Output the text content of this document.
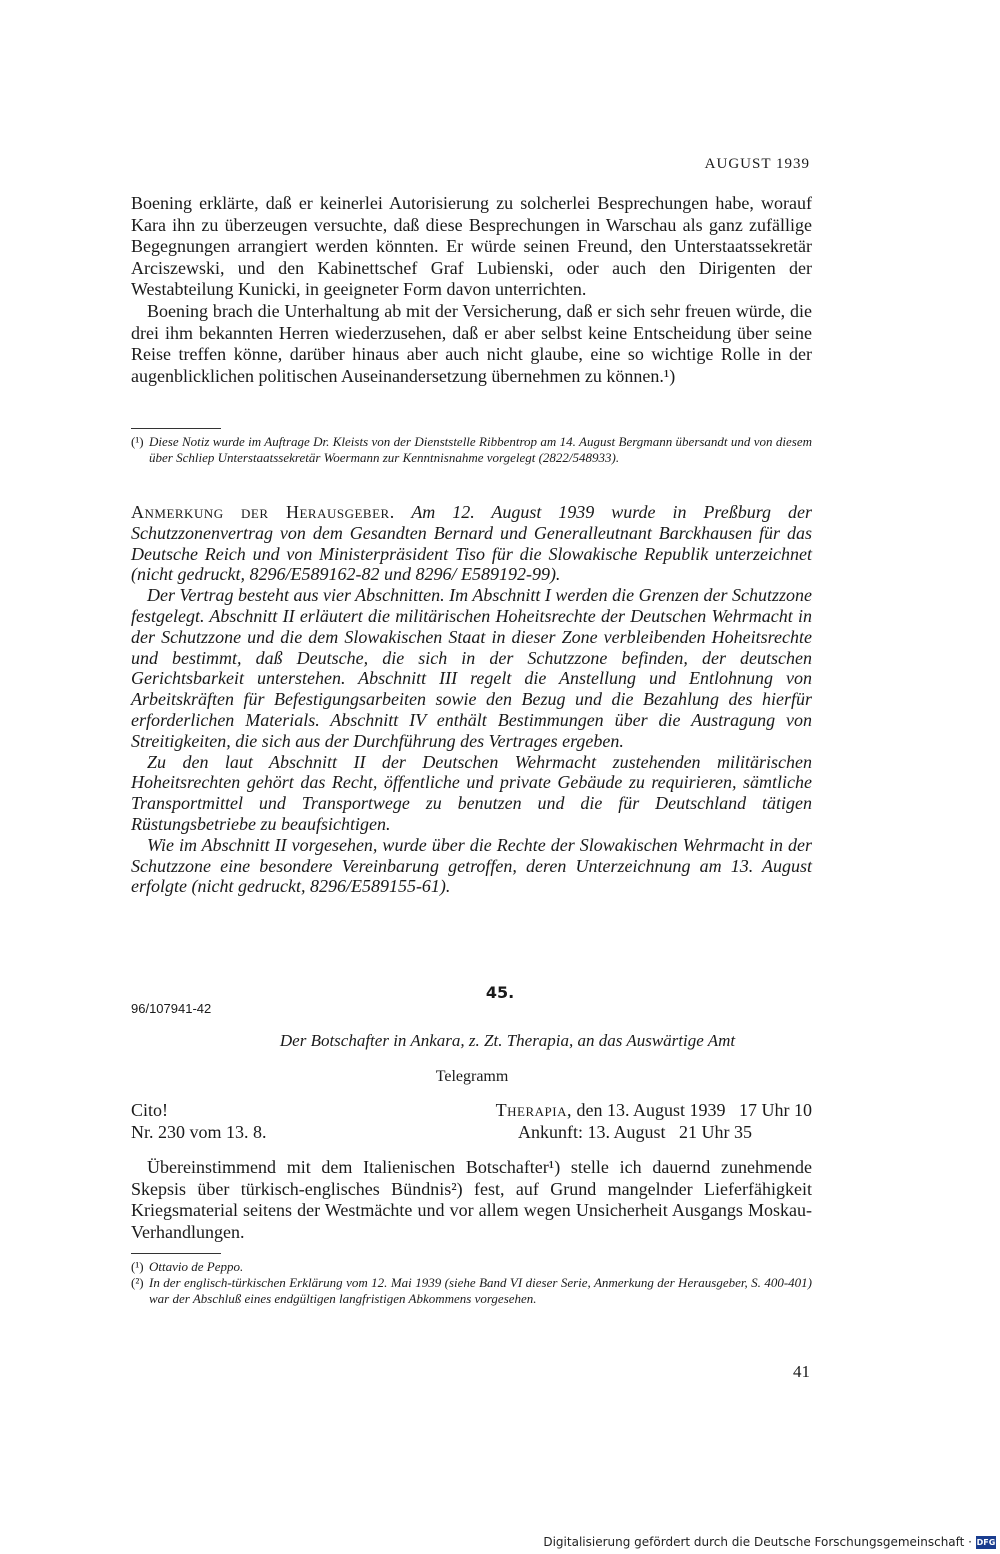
AUGUST 1939

Boening erklärte, daß er keinerlei Autorisierung zu solcherlei Besprechungen habe, worauf Kara ihn zu überzeugen versuchte, daß diese Besprechungen in Warschau als ganz zufällige Begegnungen arrangiert werden könnten. Er würde seinen Freund, den Unterstaatssekretär Arciszewski, und den Kabinettschef Graf Lubienski, oder auch den Dirigenten der Westabteilung Kunicki, in geeigneter Form davon unterrichten.

Boening brach die Unterhaltung ab mit der Versicherung, daß er sich sehr freuen würde, die drei ihm bekannten Herren wiederzusehen, daß er aber selbst keine Entscheidung über seine Reise treffen könne, darüber hinaus aber auch nicht glaube, eine so wichtige Rolle in der augenblicklichen politischen Auseinandersetzung übernehmen zu können.¹)

(¹) Diese Notiz wurde im Auftrage Dr. Kleists von der Dienststelle Ribbentrop am 14. August Bergmann übersandt und von diesem über Schliep Unterstaatssekretär Woermann zur Kenntnisnahme vorgelegt (2822/548933).

Anmerkung der Herausgeber. Am 12. August 1939 wurde in Preßburg der Schutzzonenvertrag von dem Gesandten Bernard und Generalleutnant Barckhausen für das Deutsche Reich und von Ministerpräsident Tiso für die Slowakische Republik unterzeichnet (nicht gedruckt, 8296/E589162-82 und 8296/ E589192-99).

Der Vertrag besteht aus vier Abschnitten. Im Abschnitt I werden die Grenzen der Schutzzone festgelegt. Abschnitt II erläutert die militärischen Hoheitsrechte der Deutschen Wehrmacht in der Schutzzone und die dem Slowakischen Staat in dieser Zone verbleibenden Hoheitsrechte und bestimmt, daß Deutsche, die sich in der Schutzzone befinden, der deutschen Gerichtsbarkeit unterstehen. Abschnitt III regelt die Anstellung und Entlohnung von Arbeitskräften für Befestigungsarbeiten sowie den Bezug und die Bezahlung des hierfür erforderlichen Materials. Abschnitt IV enthält Bestimmungen über die Austragung von Streitigkeiten, die sich aus der Durchführung des Vertrages ergeben.

Zu den laut Abschnitt II der Deutschen Wehrmacht zustehenden militärischen Hoheitsrechten gehört das Recht, öffentliche und private Gebäude zu requirieren, sämtliche Transportmittel und Transportwege zu benutzen und die für Deutschland tätigen Rüstungsbetriebe zu beaufsichtigen.

Wie im Abschnitt II vorgesehen, wurde über die Rechte der Slowakischen Wehrmacht in der Schutzzone eine besondere Vereinbarung getroffen, deren Unterzeichnung am 13. August erfolgte (nicht gedruckt, 8296/E589155-61).

45.
96/107941-42
Der Botschafter in Ankara, z. Zt. Therapia, an das Auswärtige Amt
Telegramm
Cito!	Therapia, den 13. August 1939   17 Uhr 10
Nr. 230 vom 13. 8.	Ankunft: 13. August   21 Uhr 35

Übereinstimmend mit dem Italienischen Botschafter¹) stelle ich dauernd zunehmende Skepsis über türkisch-englisches Bündnis²) fest, auf Grund mangelnder Lieferfähigkeit Kriegsmaterial seitens der Westmächte und vor allem wegen Unsicherheit Ausgangs Moskau-Verhandlungen.

(¹) Ottavio de Peppo.
(²) In der englisch-türkischen Erklärung vom 12. Mai 1939 (siehe Band VI dieser Serie, Anmerkung der Herausgeber, S. 400-401) war der Abschluß eines endgültigen langfristigen Abkommens vorgesehen.
41
Digitalisierung gefördert durch die Deutsche Forschungsgemeinschaft · DFG
